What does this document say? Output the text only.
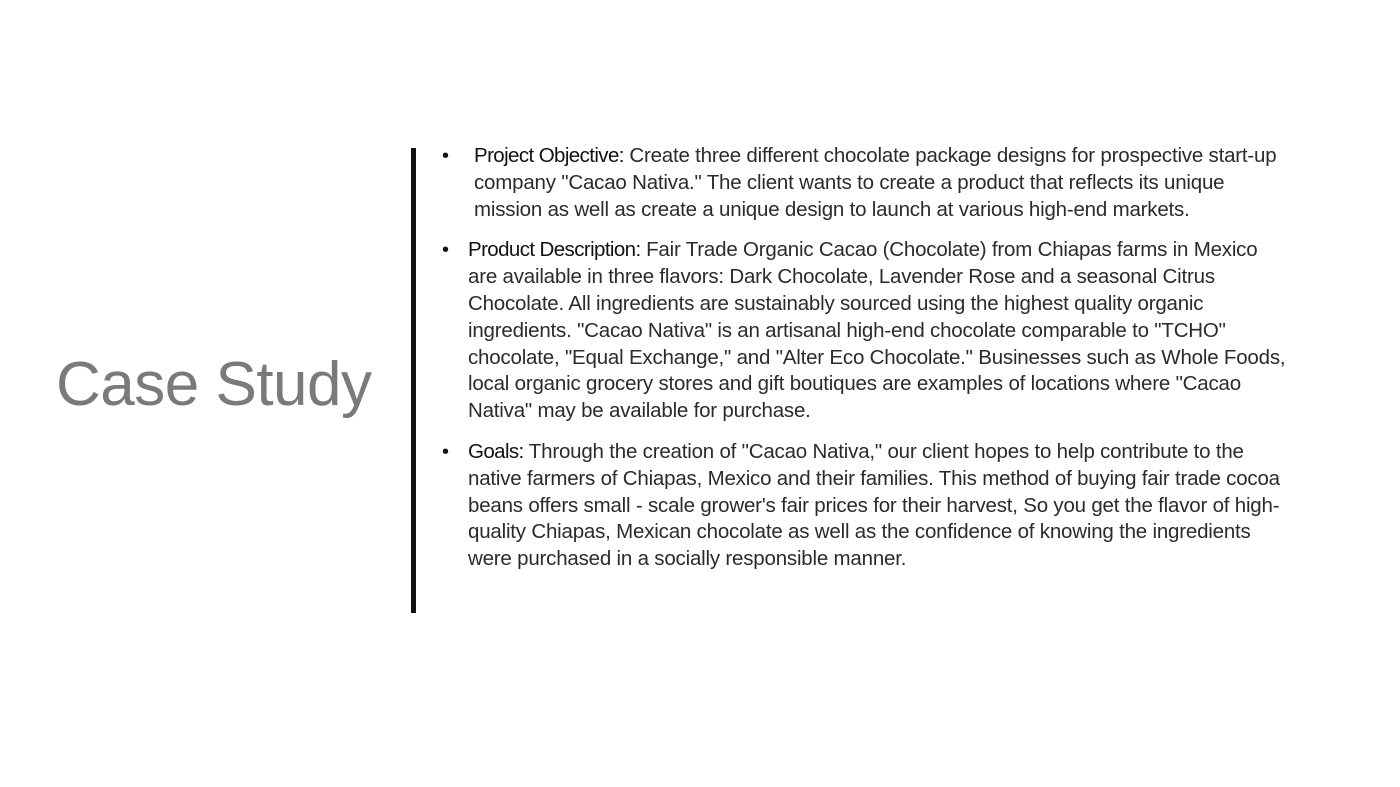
Case Study
• Project Objective: Create three different chocolate package designs for prospective start-up company "Cacao Nativa." The client wants to create a product that reflects its unique mission as well as create a unique design to launch at various high-end markets.
• Product Description: Fair Trade Organic Cacao (Chocolate) from Chiapas farms in Mexico are available in three flavors: Dark Chocolate, Lavender Rose and a seasonal Citrus Chocolate. All ingredients are sustainably sourced using the highest quality organic ingredients. "Cacao Nativa" is an artisanal high-end chocolate comparable to "TCHO" chocolate, "Equal Exchange," and "Alter Eco Chocolate." Businesses such as Whole Foods, local organic grocery stores and gift boutiques are examples of locations where "Cacao Nativa" may be available for purchase.
• Goals: Through the creation of "Cacao Nativa," our client hopes to help contribute to the native farmers of Chiapas, Mexico and their families. This method of buying fair trade cocoa beans offers small - scale grower's fair prices for their harvest, So you get the flavor of high-quality Chiapas, Mexican chocolate as well as the confidence of knowing the ingredients were purchased in a socially responsible manner.
